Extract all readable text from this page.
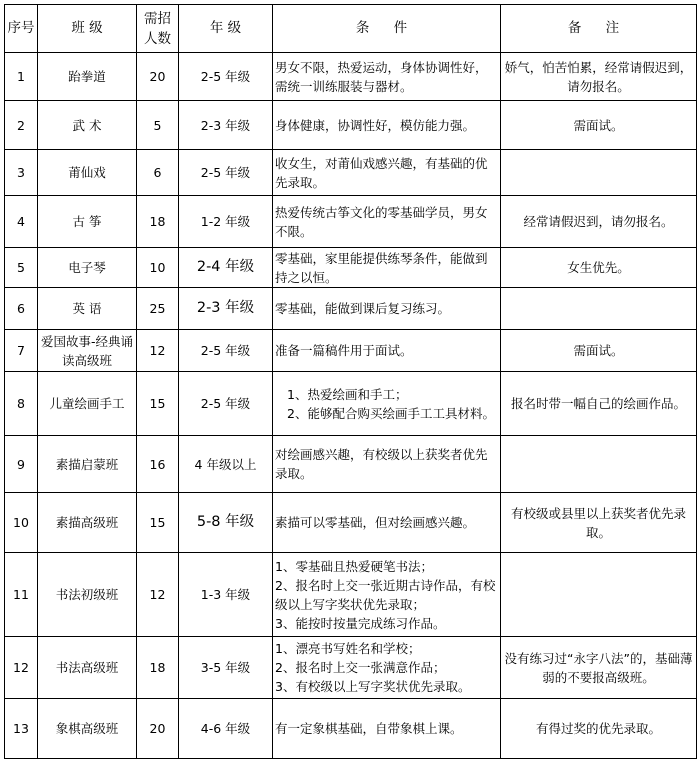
序号	班 级	需招人数	年 级	条 件	备 注
1	跆拳道	20	2-5 年级	男女不限，热爱运动，身体协调性好，需统一训练服装与器材。	娇气，怕苦怕累，经常请假迟到，请勿报名。

2	武 术	5	2-3 年级	身体健康，协调性好，模仿能力强。	需面试。

3	莆仙戏	6	2-5 年级	收女生，对莆仙戏感兴趣，有基础的优先录取。	

4	古 筝	18	1-2 年级	热爱传统古筝文化的零基础学员，男女不限。	经常请假迟到，请勿报名。

5	电子琴	10	2-4 年级	零基础，家里能提供练琴条件，能做到持之以恒。	女生优先。

6	英 语	25	2-3 年级	零基础，能做到课后复习练习。	

7	爱国故事-经典诵读高级班	12	2-5 年级	准备一篇稿件用于面试。	需面试。

8	儿童绘画手工	15	2-5 年级	1、热爱绘画和手工；
2、能够配合购买绘画手工工具材料。	报名时带一幅自己的绘画作品。

9	素描启蒙班	16	4 年级以上	对绘画感兴趣，有校级以上获奖者优先录取。	

10	素描高级班	15	5-8 年级	素描可以零基础，但对绘画感兴趣。	有校级或县里以上获奖者优先录取。

11	书法初级班	12	1-3 年级	1、零基础且热爱硬笔书法；
2、报名时上交一张近期古诗作品，有校级以上写字奖状优先录取；
3、能按时按量完成练习作品。	

12	书法高级班	18	3-5 年级	1、漂亮书写姓名和学校；
2、报名时上交一张满意作品；
3、有校级以上写字奖状优先录取。	没有练习过“永字八法”的，基础薄弱的不要报高级班。

13	象棋高级班	20	4-6 年级	有一定象棋基础，自带象棋上课。	有得过奖的优先录取。
